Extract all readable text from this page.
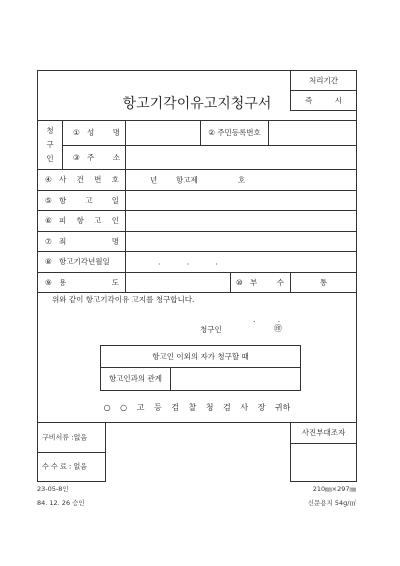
항고기각이유고지청구서
처리기간
즉 시
청
구
인
① 성 명	② 주민등록번호
③ 주 소
④ 사 건 번 호	년	항고제	호
⑤ 항 고 일
⑥ 피 항 고 인
⑦ 죄 명
⑧ 항고기각년월일	. . .
⑨ 용 도	⑩ 부 수	통
위와 같이 항고기각이유 고지를 청구합니다.
. .
청구인	㊞
항고인 이외의 자가 청구할 때
항고인과의 관계
○ ○ 고 등 검 찰 청 검 사 장 귀하
구비서류 :없음
수 수 료 : 없음
사진부대조자
23-05-8인	210㎜×297㎜
84. 12. 26 승인	신문용지 54g/㎡
